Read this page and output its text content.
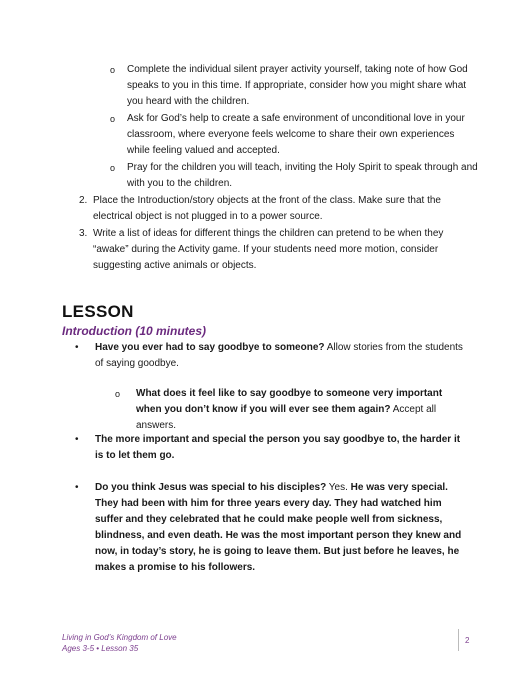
o Complete the individual silent prayer activity yourself, taking note of how God speaks to you in this time. If appropriate, consider how you might share what you heard with the children.
o Ask for God’s help to create a safe environment of unconditional love in your classroom, where everyone feels welcome to share their own experiences while feeling valued and accepted.
o Pray for the children you will teach, inviting the Holy Spirit to speak through and with you to the children.
2. Place the Introduction/story objects at the front of the class. Make sure that the electrical object is not plugged in to a power source.
3. Write a list of ideas for different things the children can pretend to be when they “awake” during the Activity game. If your students need more motion, consider suggesting active animals or objects.
LESSON
Introduction (10 minutes)
•	Have you ever had to say goodbye to someone? Allow stories from the students of saying goodbye.
o	What does it feel like to say goodbye to someone very important when you don’t know if you will ever see them again? Accept all answers.
•	The more important and special the person you say goodbye to, the harder it is to let them go.
•	Do you think Jesus was special to his disciples? Yes. He was very special. They had been with him for three years every day. They had watched him suffer and they celebrated that he could make people well from sickness, blindness, and even death. He was the most important person they knew and now, in today’s story, he is going to leave them. But just before he leaves, he makes a promise to his followers.
Living in God’s Kingdom of Love
Ages 3-5 • Lesson 35
2
